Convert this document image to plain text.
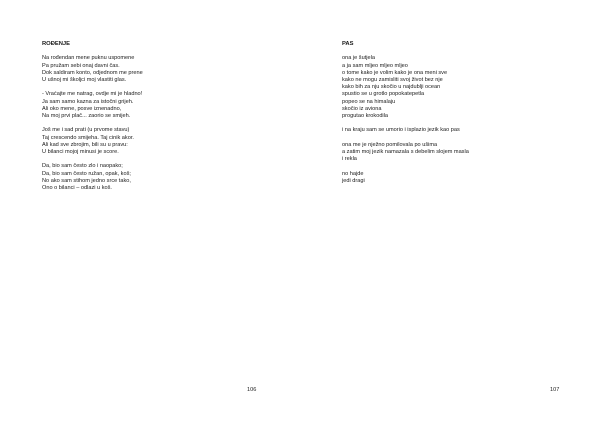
ROĐENJE
Na rođendan mene puknu uspomene
Pa pružam sebi onaj davni čas.
Dok saldiram konto, odjednom me prene
U ušnoj mi školjci moj vlastiti glas.
- Vraćajte me natrag, ovdje mi je hladno!
Ja sam samo kazna za istočni grijeh.
Ali oko mene, posve iznenadno,
Na moj prvi plač... zaorio se smijeh.
Još me i sad prati (u prvome stavu)
Taj crescendo smijeha. Taj cinik akor.
Ali kad sve zbrojim, bili su u pravu:
U bilanci mojoj minusi je score.
Da, bio sam često zlo i naopako;
Da, bio sam često ružan, opak, koš;
No ako sam stihom jedno srce tako,
Ono o bilanci – odlazi u koš.
106
PAS
ona je šutjela
a ja sam mljeo mljeo mljeo
o tome kako je volim kako je ona meni sve
kako ne mogu zamisliti svoj život bez nje
kako bih za nju skočio u najdublji ocean
spustio se u grotlo popokatepetla
popeo se na himalaju
skočio iz aviona
progutao krokodila
i na kraju sam se umorio i isplazio jezik kao pas
ona me je nježno pomilovala po ušima
a zatim moj jezik namazala s debelim slojem masla
i rekla
no hajde
jedi dragi
107
